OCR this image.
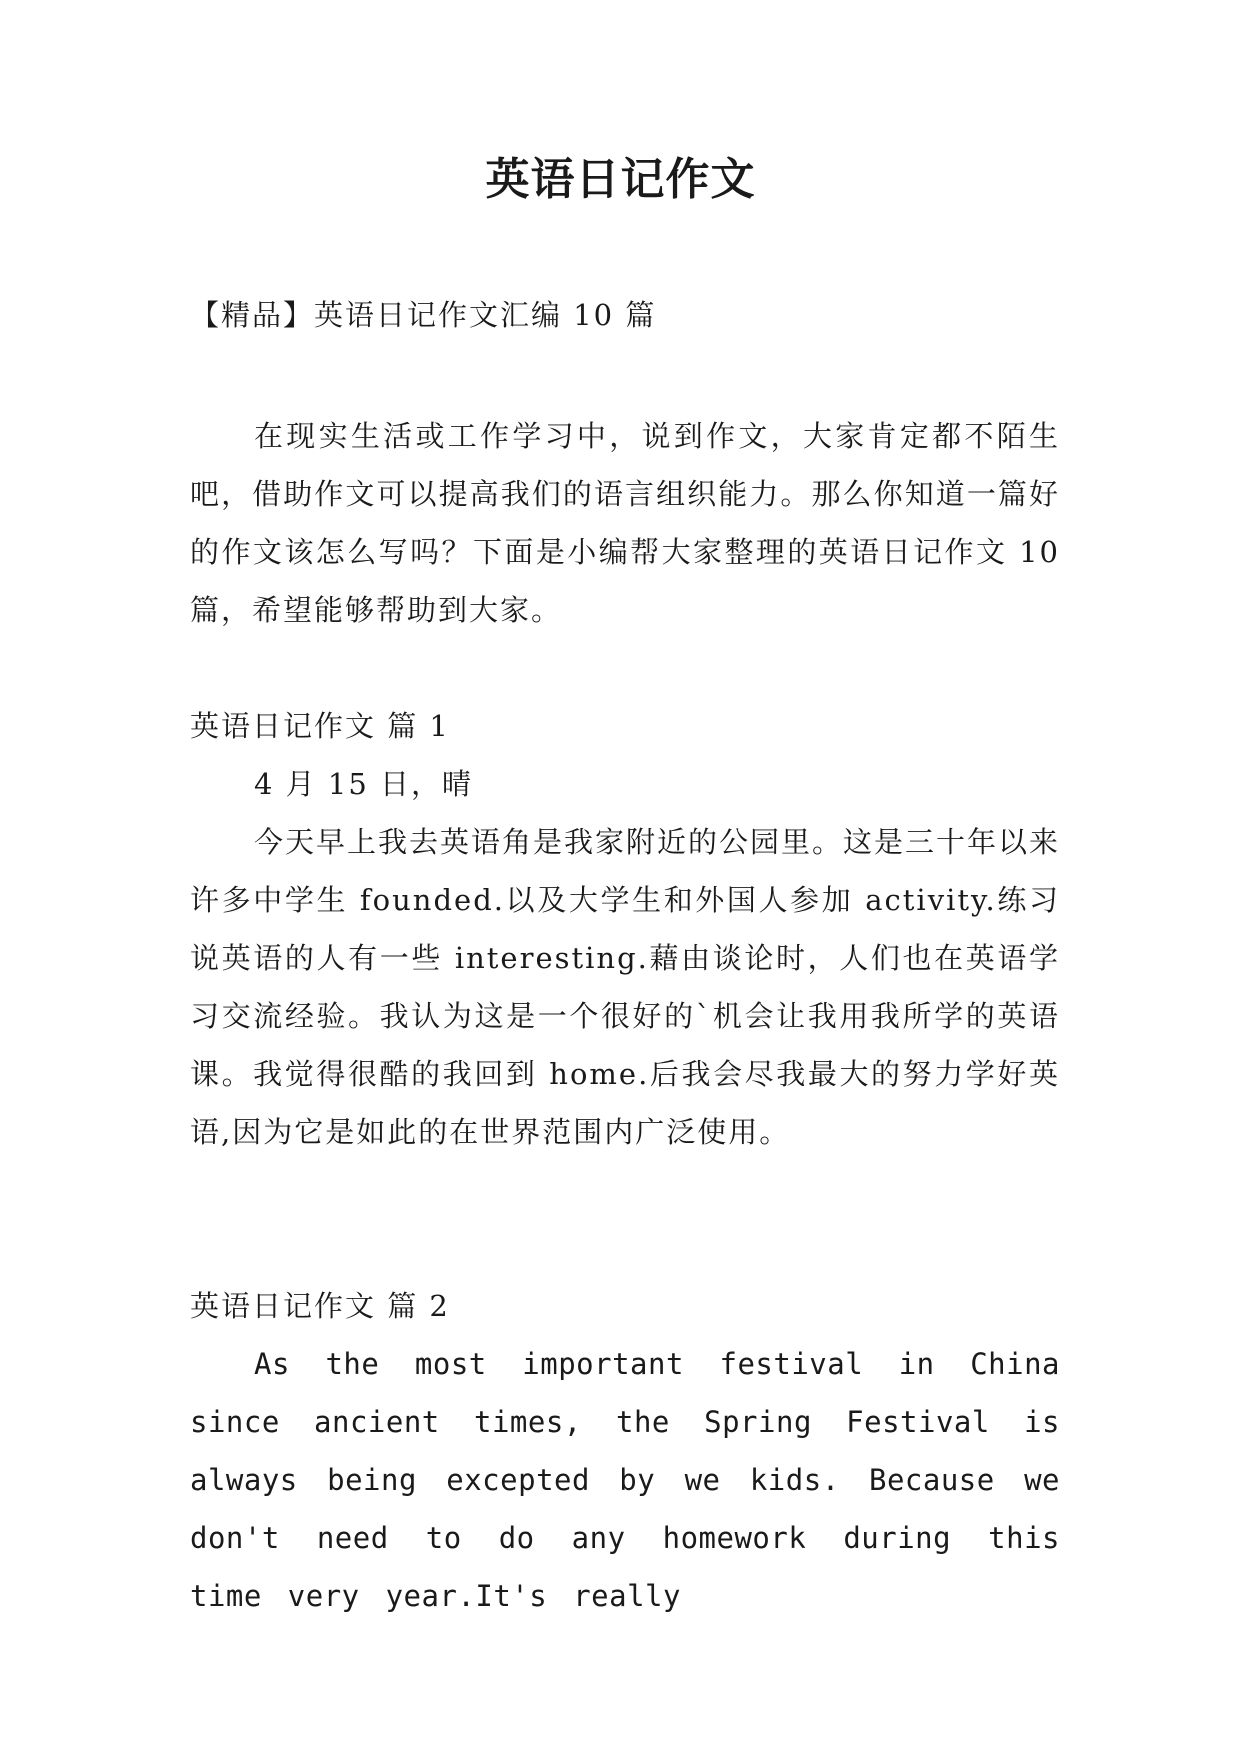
英语日记作文

【精品】英语日记作文汇编 10 篇

在现实生活或工作学习中，说到作文，大家肯定都不陌生吧，借助作文可以提高我们的语言组织能力。那么你知道一篇好的作文该怎么写吗？下面是小编帮大家整理的英语日记作文 10 篇，希望能够帮助到大家。

英语日记作文 篇 1

4 月 15 日，晴

今天早上我去英语角是我家附近的公园里。这是三十年以来许多中学生 founded.以及大学生和外国人参加 activity.练习说英语的人有一些 interesting.藉由谈论时，人们也在英语学习交流经验。我认为这是一个很好的`机会让我用我所学的英语课。我觉得很酷的我回到 home.后我会尽我最大的努力学好英语,因为它是如此的在世界范围内广泛使用。

英语日记作文 篇 2

As the most important festival in China since ancient times, the Spring Festival is always being excepted by we kids. Because we don't need to do any homework during this time very year.It's really
